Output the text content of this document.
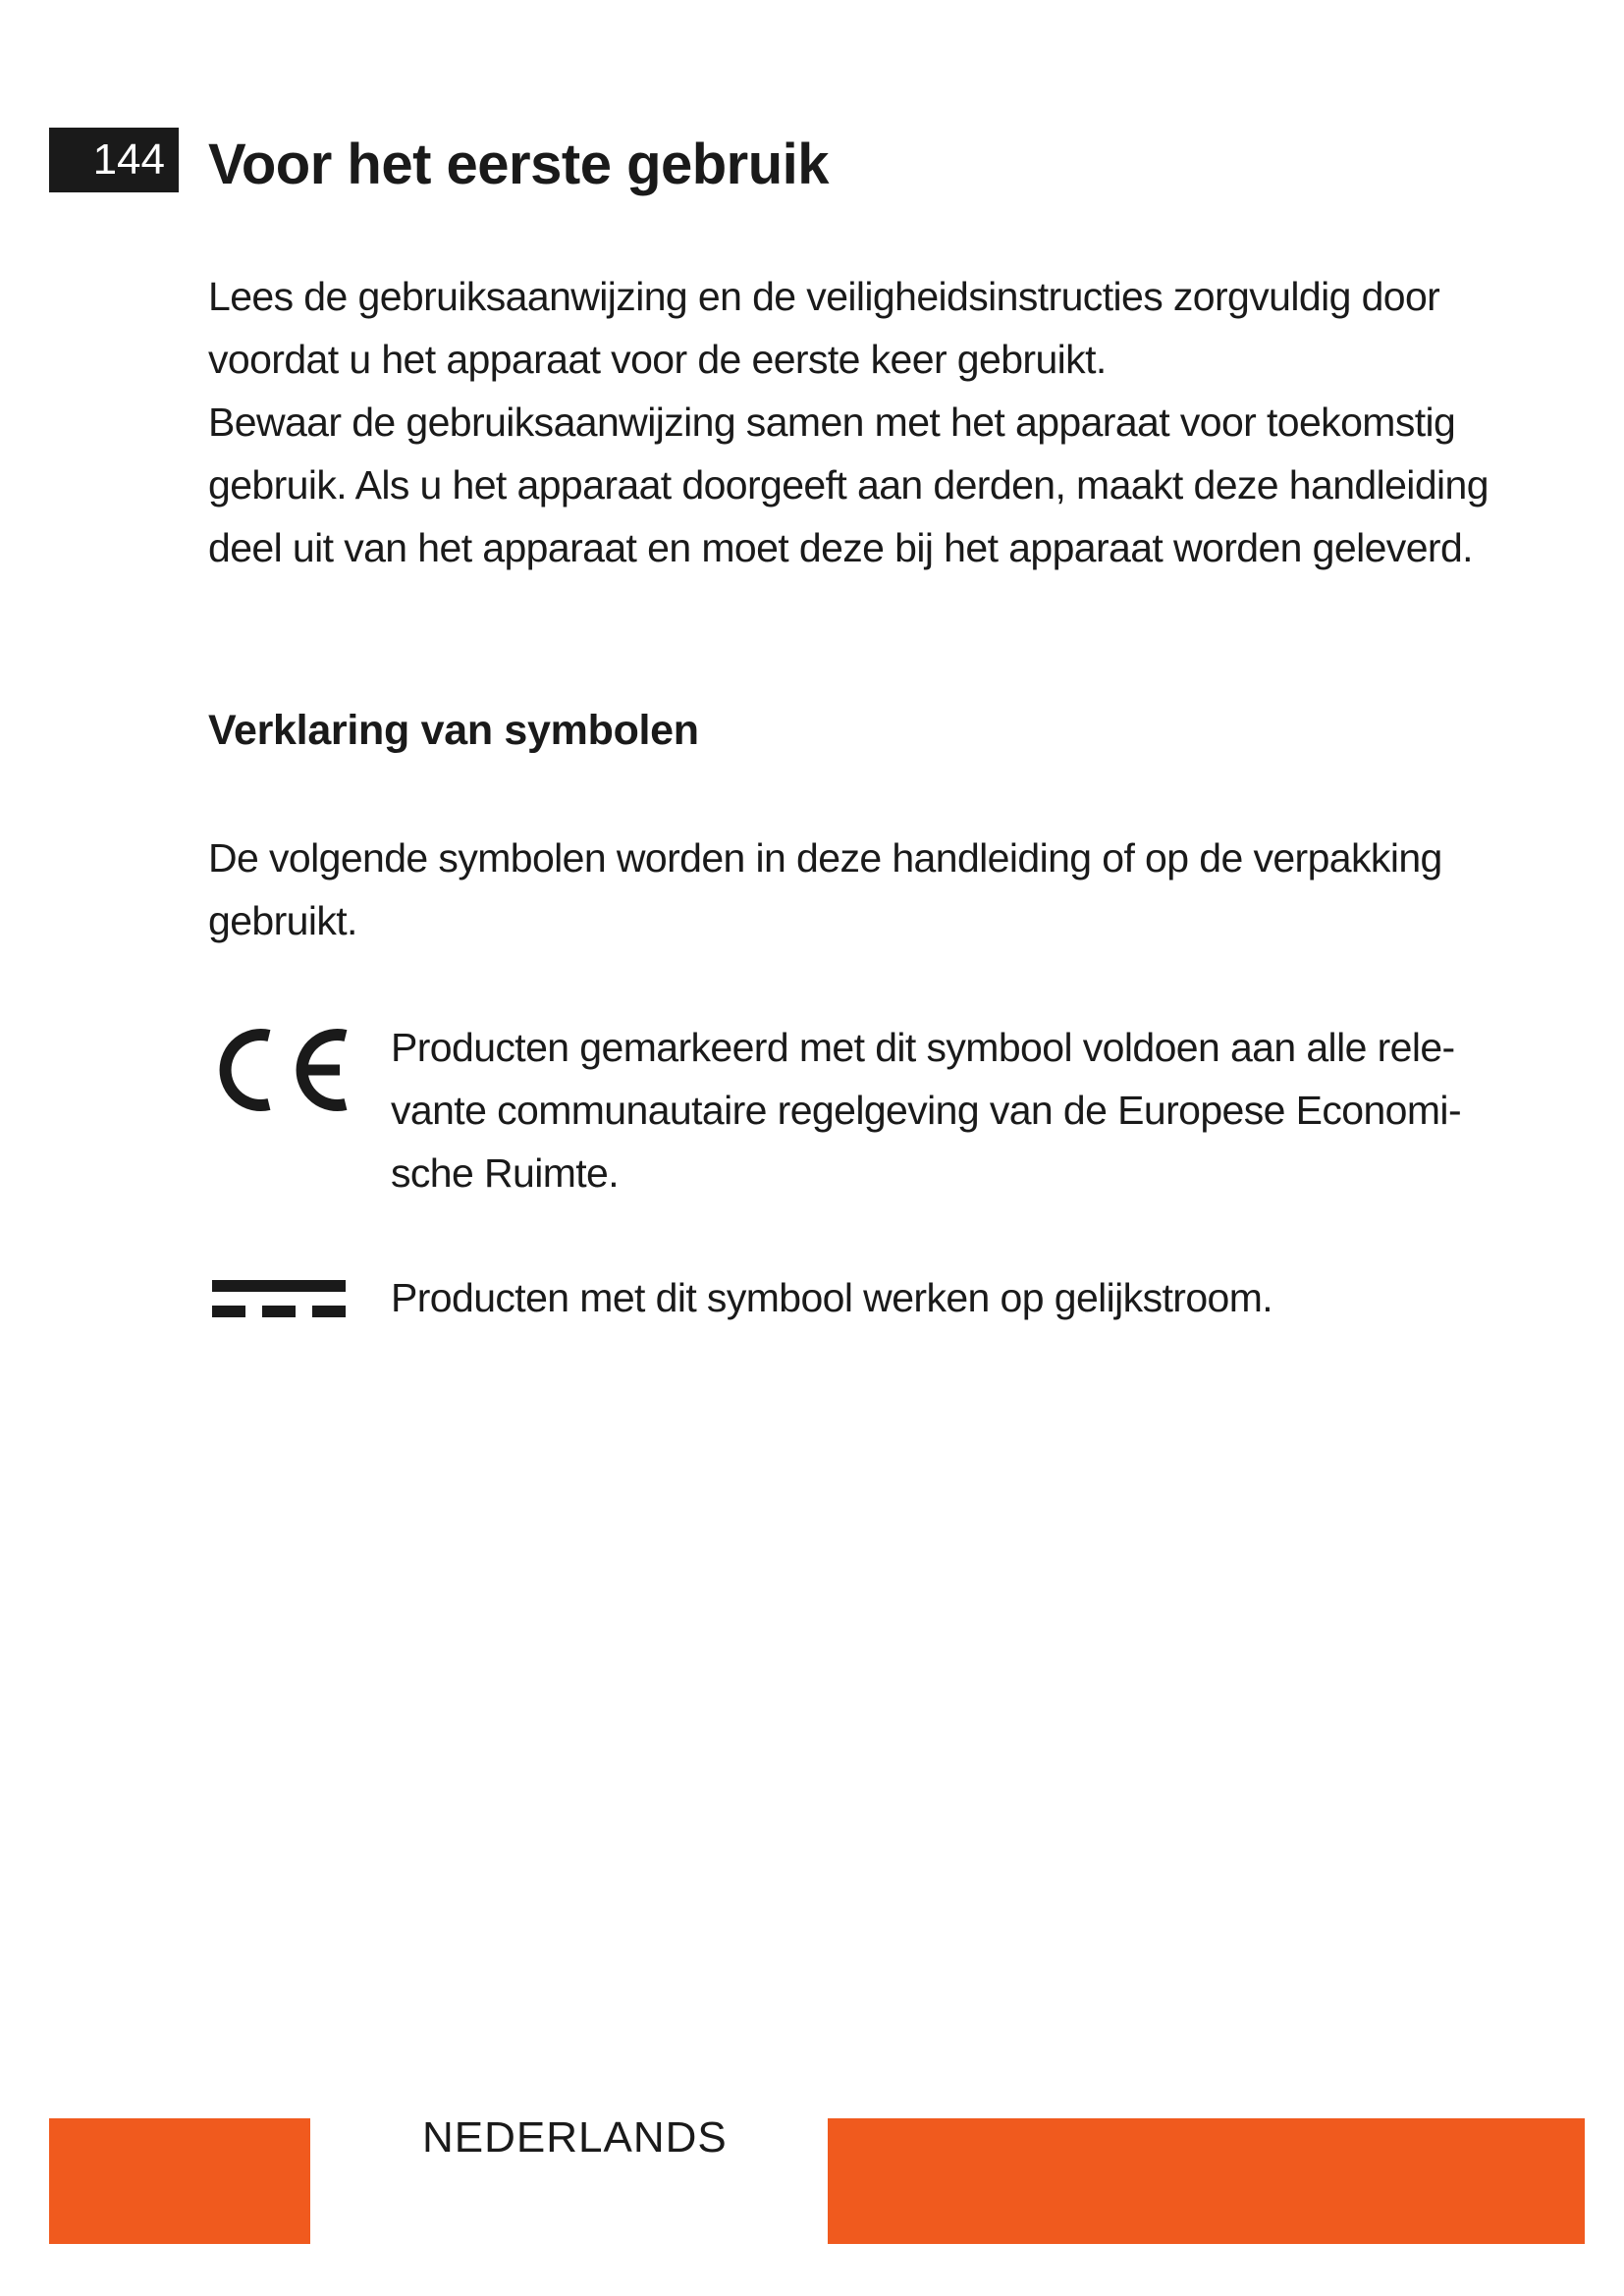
144 Voor het eerste gebruik
Lees de gebruiksaanwijzing en de veiligheidsinstructies zorgvuldig door voordat u het apparaat voor de eerste keer gebruikt.
Bewaar de gebruiksaanwijzing samen met het apparaat voor toekomstig gebruik. Als u het apparaat doorgeeft aan derden, maakt deze handleiding deel uit van het apparaat en moet deze bij het apparaat worden geleverd.
Verklaring van symbolen

De volgende symbolen worden in deze handleiding of op de verpakking gebruikt.

Producten gemarkeerd met dit symbool voldoen aan alle rele-
vante communautaire regelgeving van de Europese Economi-
sche Ruimte.

Producten met dit symbool werken op gelijkstroom.

NEDERLANDS
